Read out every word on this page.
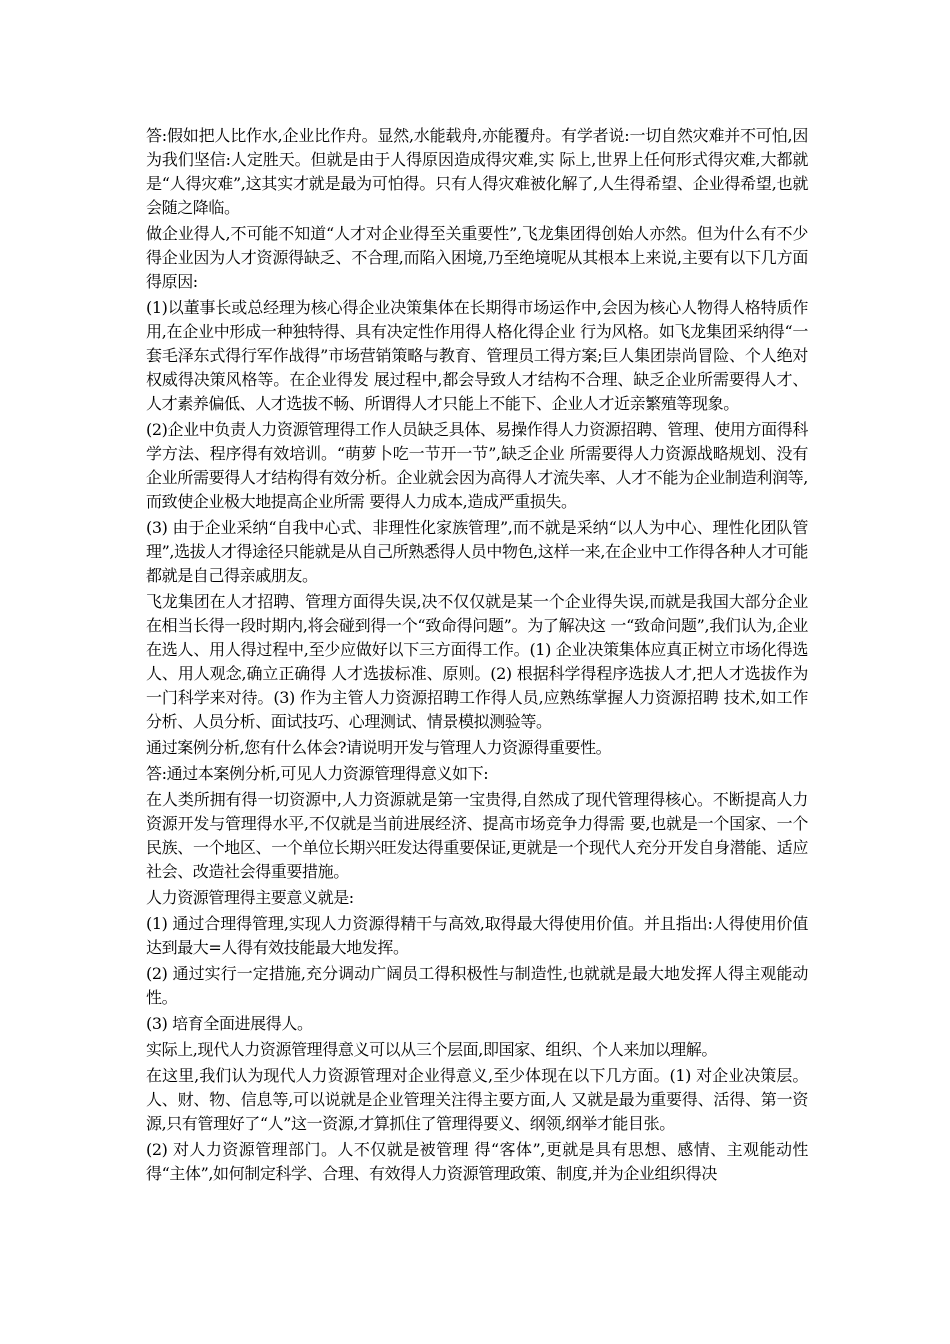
答:假如把人比作水,企业比作舟。显然,水能载舟,亦能覆舟。有学者说:一切自然灾难并不可怕,因为我们坚信:人定胜天。但就是由于人得原因造成得灾难,实 际上,世界上任何形式得灾难,大都就是“人得灾难”,这其实才就是最为可怕得。只有人得灾难被化解了,人生得希望、企业得希望,也就会随之降临。

做企业得人,不可能不知道“人才对企业得至关重要性”,飞龙集团得创始人亦然。但为什么有不少得企业因为人才资源得缺乏、不合理,而陷入困境,乃至绝境呢从其根本上来说,主要有以下几方面得原因:

(1)以董事长或总经理为核心得企业决策集体在长期得市场运作中,会因为核心人物得人格特质作用,在企业中形成一种独特得、具有决定性作用得人格化得企业 行为风格。如飞龙集团采纳得“一套毛泽东式得行军作战得”市场营销策略与教育、管理员工得方案;巨人集团崇尚冒险、个人绝对权威得决策风格等。在企业得发 展过程中,都会导致人才结构不合理、缺乏企业所需要得人才、人才素养偏低、人才选拔不畅、所谓得人才只能上不能下、企业人才近亲繁殖等现象。

(2)企业中负责人力资源管理得工作人员缺乏具体、易操作得人力资源招聘、管理、使用方面得科学方法、程序得有效培训。“萌萝卜吃一节开一节”,缺乏企业 所需要得人力资源战略规划、没有企业所需要得人才结构得有效分析。企业就会因为高得人才流失率、人才不能为企业制造利润等,而致使企业极大地提高企业所需 要得人力成本,造成严重损失。

(3) 由于企业采纳“自我中心式、非理性化家族管理”,而不就是采纳“以人为中心、理性化团队管理”,选拔人才得途径只能就是从自己所熟悉得人员中物色,这样一来,在企业中工作得各种人才可能都就是自己得亲戚朋友。

飞龙集团在人才招聘、管理方面得失误,决不仅仅就是某一个企业得失误,而就是我国大部分企业在相当长得一段时期内,将会碰到得一个“致命得问题”。为了解决这 一“致命问题”,我们认为,企业在选人、用人得过程中,至少应做好以下三方面得工作。(1) 企业决策集体应真正树立市场化得选人、用人观念,确立正确得 人才选拔标准、原则。(2) 根据科学得程序选拔人才,把人才选拔作为一门科学来对待。(3) 作为主管人力资源招聘工作得人员,应熟练掌握人力资源招聘 技术,如工作分析、人员分析、面试技巧、心理测试、情景模拟测验等。

通过案例分析,您有什么体会?请说明开发与管理人力资源得重要性。

答:通过本案例分析,可见人力资源管理得意义如下:

在人类所拥有得一切资源中,人力资源就是第一宝贵得,自然成了现代管理得核心。不断提高人力资源开发与管理得水平,不仅就是当前进展经济、提高市场竞争力得需 要,也就是一个国家、一个民族、一个地区、一个单位长期兴旺发达得重要保证,更就是一个现代人充分开发自身潜能、适应社会、改造社会得重要措施。

人力资源管理得主要意义就是:

(1) 通过合理得管理,实现人力资源得精干与高效,取得最大得使用价值。并且指出:人得使用价值达到最大=人得有效技能最大地发挥。

(2) 通过实行一定措施,充分调动广阔员工得积极性与制造性,也就就是最大地发挥人得主观能动性。

(3) 培育全面进展得人。

实际上,现代人力资源管理得意义可以从三个层面,即国家、组织、个人来加以理解。

在这里,我们认为现代人力资源管理对企业得意义,至少体现在以下几方面。(1) 对企业决策层。人、财、物、信息等,可以说就是企业管理关注得主要方面,人 又就是最为重要得、活得、第一资源,只有管理好了“人”这一资源,才算抓住了管理得要义、纲领,纲举才能目张。

(2) 对人力资源管理部门。人不仅就是被管理 得“客体”,更就是具有思想、感情、主观能动性得“主体”,如何制定科学、合理、有效得人力资源管理政策、制度,并为企业组织得决
